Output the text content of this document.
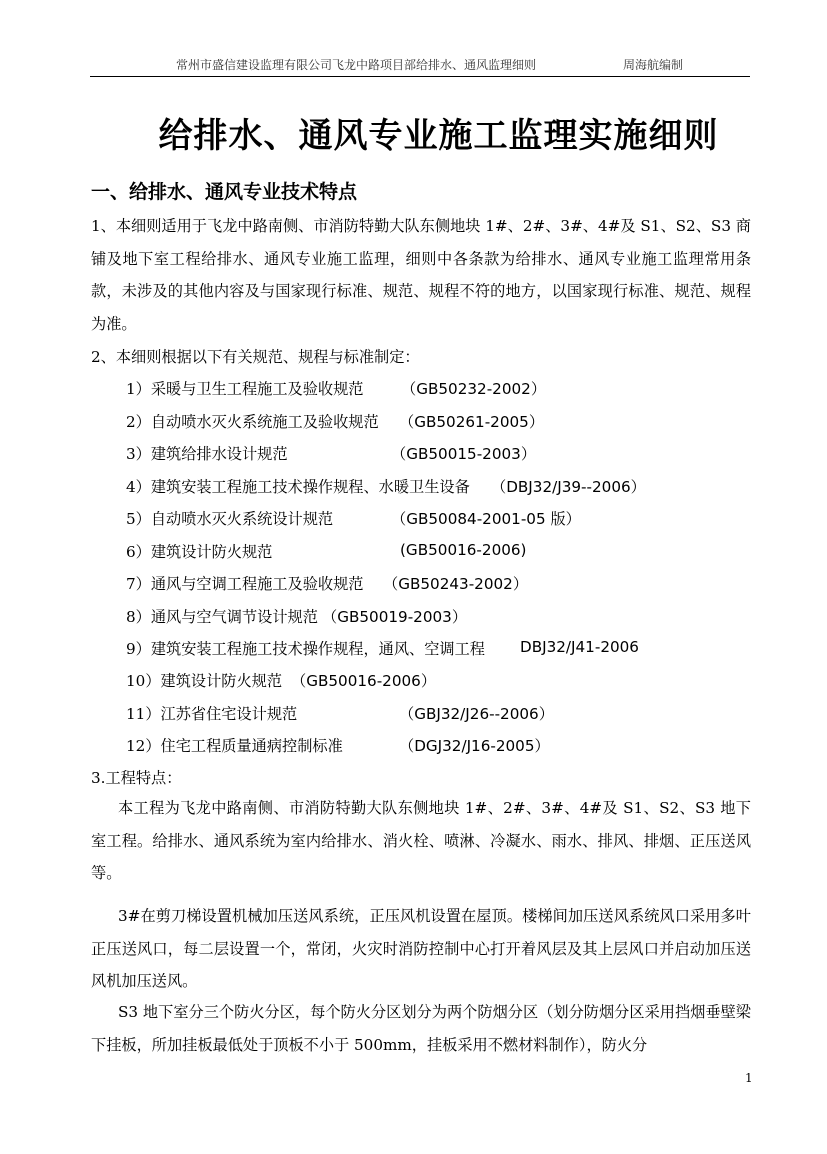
常州市盛信建设监理有限公司飞龙中路项目部给排水、通风监理细则	周海航编制
给排水、通风专业施工监理实施细则
一、给排水、通风专业技术特点

1、本细则适用于飞龙中路南侧、市消防特勤大队东侧地块 1#、2#、3#、4#及 S1、S2、S3 商铺及地下室工程给排水、通风专业施工监理，细则中各条款为给排水、通风专业施工监理常用条款，未涉及的其他内容及与国家现行标准、规范、规程不符的地方，以国家现行标准、规范、规程为准。

2、本细则根据以下有关规范、规程与标准制定：

1）采暖与卫生工程施工及验收规范 （GB50232-2002）
2）自动喷水灭火系统施工及验收规范 （GB50261-2005）
3）建筑给排水设计规范	（GB50015-2003）
4）建筑安装工程施工技术操作规程、水暖卫生设备 （DBJ32/J39--2006）
5）自动喷水灭火系统设计规范	（GB50084-2001-05 版）
6）建筑设计防火规范	(GB50016-2006)
7）通风与空调工程施工及验收规范 （GB50243-2002）
8）通风与空气调节设计规范 （GB50019-2003）
9）建筑安装工程施工技术操作规程，通风、空调工程 DBJ32/J41-2006
10）建筑设计防火规范 （GB50016-2006）
11）江苏省住宅设计规范	（GBJ32/J26--2006）
12）住宅工程质量通病控制标准	（DGJ32/J16-2005）

3.工程特点：

本工程为飞龙中路南侧、市消防特勤大队东侧地块 1#、2#、3#、4#及 S1、S2、S3 地下室工程。给排水、通风系统为室内给排水、消火栓、喷淋、冷凝水、雨水、排风、排烟、正压送风等。

3#在剪刀梯设置机械加压送风系统，正压风机设置在屋顶。楼梯间加压送风系统风口采用多叶正压送风口，每二层设置一个，常闭，火灾时消防控制中心打开着风层及其上层风口并启动加压送风机加压送风。

S3 地下室分三个防火分区，每个防火分区划分为两个防烟分区（划分防烟分区采用挡烟垂壁梁下挂板，所加挂板最低处于顶板不小于 500mm，挂板采用不燃材料制作），防火分

1
